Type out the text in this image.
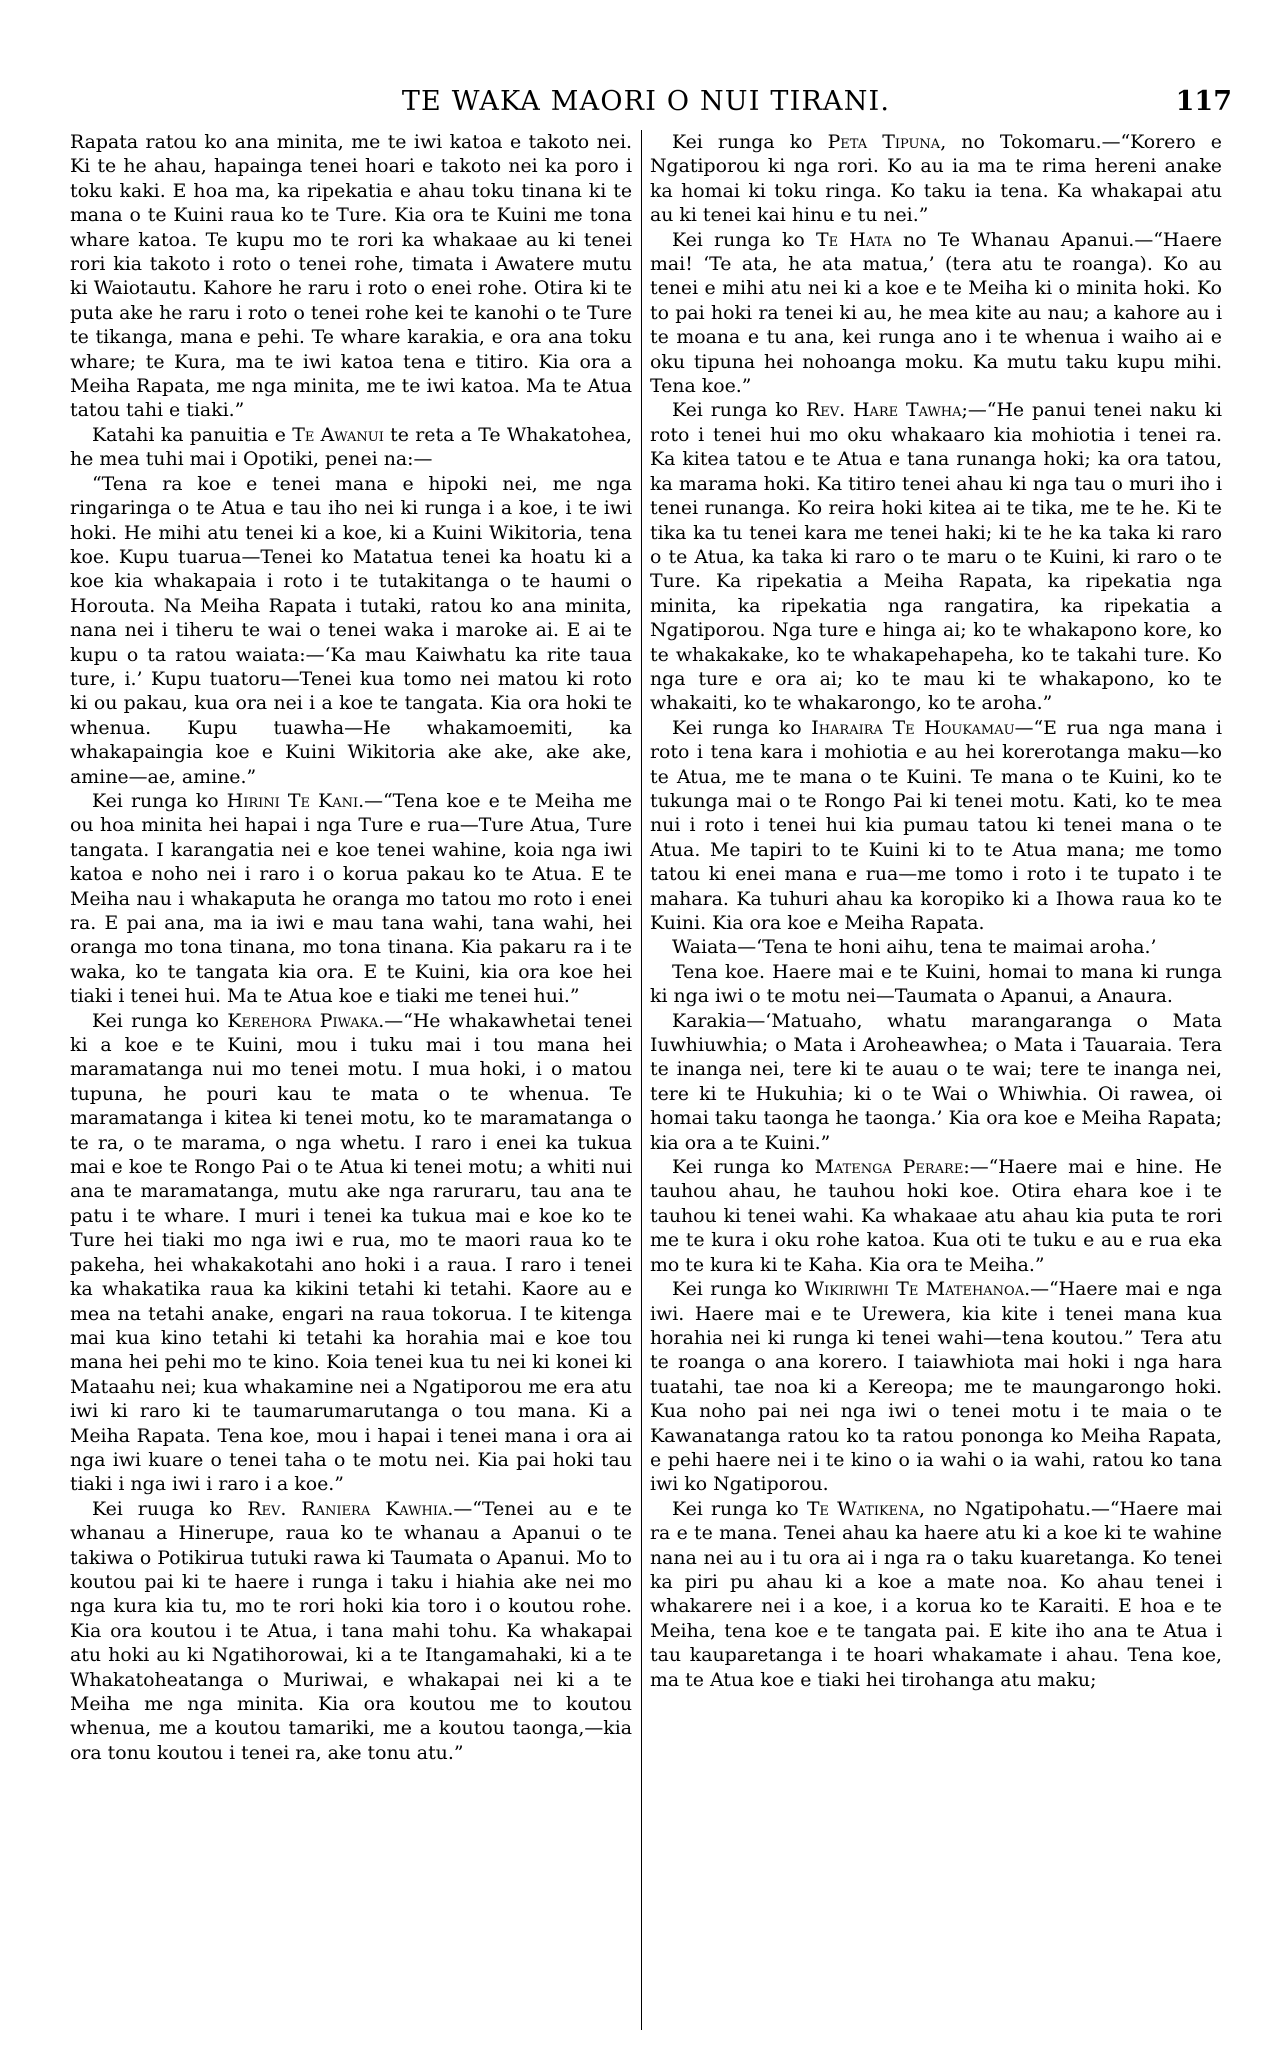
TE WAKA MAORI O NUI TIRANI.	117

Rapata ratou ko ana minita, me te iwi katoa e takoto nei. Ki te he ahau, hapainga tenei hoari e takoto nei ka poro i toku kaki. E hoa ma, ka ripekatia e ahau toku tinana ki te mana o te Kuini raua ko te Ture. Kia ora te Kuini me tona whare katoa. Te kupu mo te rori ka whakaae au ki tenei rori kia takoto i roto o tenei rohe, timata i Awatere mutu ki Waiotautu. Kahore he raru i roto o enei rohe. Otira ki te puta ake he raru i roto o tenei rohe kei te kanohi o te Ture te tikanga, mana e pehi. Te whare karakia, e ora ana toku whare; te Kura, ma te iwi katoa tena e titiro. Kia ora a Meiha Rapata, me nga minita, me te iwi katoa. Ma te Atua tatou tahi e tiaki.”

Katahi ka panuitia e Te Awanui te reta a Te Whakatohea, he mea tuhi mai i Opotiki, penei na:—

“Tena ra koe e tenei mana e hipoki nei, me nga ringaringa o te Atua e tau iho nei ki runga i a koe, i te iwi hoki. He mihi atu tenei ki a koe, ki a Kuini Wikitoria, tena koe. Kupu tuarua—Tenei ko Matatua tenei ka hoatu ki a koe kia whakapaia i roto i te tutakitanga o te haumi o Horouta. Na Meiha Rapata i tutaki, ratou ko ana minita, nana nei i tiheru te wai o tenei waka i maroke ai. E ai te kupu o ta ratou waiata:—‘Ka mau Kaiwhatu ka rite taua ture, i.’ Kupu tuatoru—Tenei kua tomo nei matou ki roto ki ou pakau, kua ora nei i a koe te tangata. Kia ora hoki te whenua. Kupu tuawha—He whakamoemiti, ka whakapaingia koe e Kuini Wikitoria ake ake, ake ake, amine—ae, amine.”

Kei runga ko Hirini Te Kani.—“Tena koe e te Meiha me ou hoa minita hei hapai i nga Ture e rua—Ture Atua, Ture tangata. I karangatia nei e koe tenei wahine, koia nga iwi katoa e noho nei i raro i o korua pakau ko te Atua. E te Meiha nau i whakaputa he oranga mo tatou mo roto i enei ra. E pai ana, ma ia iwi e mau tana wahi, tana wahi, hei oranga mo tona tinana, mo tona tinana. Kia pakaru ra i te waka, ko te tangata kia ora. E te Kuini, kia ora koe hei tiaki i tenei hui. Ma te Atua koe e tiaki me tenei hui.”

Kei runga ko Kerehora Piwaka.—“He whakawhetai tenei ki a koe e te Kuini, mou i tuku mai i tou mana hei maramatanga nui mo tenei motu. I mua hoki, i o matou tupuna, he pouri kau te mata o te whenua. Te maramatanga i kitea ki tenei motu, ko te maramatanga o te ra, o te marama, o nga whetu. I raro i enei ka tukua mai e koe te Rongo Pai o te Atua ki tenei motu; a whiti nui ana te maramatanga, mutu ake nga raruraru, tau ana te patu i te whare. I muri i tenei ka tukua mai e koe ko te Ture hei tiaki mo nga iwi e rua, mo te maori raua ko te pakeha, hei whakakotahi ano hoki i a raua. I raro i tenei ka whakatika raua ka kikini tetahi ki tetahi. Kaore au e mea na tetahi anake, engari na raua tokorua. I te kitenga mai kua kino tetahi ki tetahi ka horahia mai e koe tou mana hei pehi mo te kino. Koia tenei kua tu nei ki konei ki Mataahu nei; kua whakamine nei a Ngatiporou me era atu iwi ki raro ki te taumarumarutanga o tou mana. Ki a Meiha Rapata. Tena koe, mou i hapai i tenei mana i ora ai nga iwi kuare o tenei taha o te motu nei. Kia pai hoki tau tiaki i nga iwi i raro i a koe.”

Kei ruuga ko Rev. Raniera Kawhia.—“Tenei au e te whanau a Hinerupe, raua ko te whanau a Apanui o te takiwa o Potikirua tutuki rawa ki Taumata o Apanui. Mo to koutou pai ki te haere i runga i taku i hiahia ake nei mo nga kura kia tu, mo te rori hoki kia toro i o koutou rohe. Kia ora koutou i te Atua, i tana mahi tohu. Ka whakapai atu hoki au ki Ngatihorowai, ki a te Itangamahaki, ki a te Whakatoheatanga o Muriwai, e whakapai nei ki a te Meiha me nga minita. Kia ora koutou me to koutou whenua, me a koutou tamariki, me a koutou taonga,—kia ora tonu koutou i tenei ra, ake tonu atu.”

Kei runga ko Peta Tipuna, no Tokomaru.—“Korero e Ngatiporou ki nga rori. Ko au ia ma te rima hereni anake ka homai ki toku ringa. Ko taku ia tena. Ka whakapai atu au ki tenei kai hinu e tu nei.”

Kei runga ko Te Hata no Te Whanau Apanui.—“Haere mai! ‘Te ata, he ata matua,’ (tera atu te roanga). Ko au tenei e mihi atu nei ki a koe e te Meiha ki o minita hoki. Ko to pai hoki ra tenei ki au, he mea kite au nau; a kahore au i te moana e tu ana, kei runga ano i te whenua i waiho ai e oku tipuna hei nohoanga moku. Ka mutu taku kupu mihi. Tena koe.”

Kei runga ko Rev. Hare Tawha;—“He panui tenei naku ki roto i tenei hui mo oku whakaaro kia mohiotia i tenei ra. Ka kitea tatou e te Atua e tana runanga hoki; ka ora tatou, ka marama hoki. Ka titiro tenei ahau ki nga tau o muri iho i tenei runanga. Ko reira hoki kitea ai te tika, me te he. Ki te tika ka tu tenei kara me tenei haki; ki te he ka taka ki raro o te Atua, ka taka ki raro o te maru o te Kuini, ki raro o te Ture. Ka ripekatia a Meiha Rapata, ka ripekatia nga minita, ka ripekatia nga rangatira, ka ripekatia a Ngatiporou. Nga ture e hinga ai; ko te whakapono kore, ko te whakakake, ko te whakapehapeha, ko te takahi ture. Ko nga ture e ora ai; ko te mau ki te whakapono, ko te whakaiti, ko te whakarongo, ko te aroha.”

Kei runga ko Iharaira Te Houkamau—“E rua nga mana i roto i tena kara i mohiotia e au hei korerotanga maku—ko te Atua, me te mana o te Kuini. Te mana o te Kuini, ko te tukunga mai o te Rongo Pai ki tenei motu. Kati, ko te mea nui i roto i tenei hui kia pumau tatou ki tenei mana o te Atua. Me tapiri to te Kuini ki to te Atua mana; me tomo tatou ki enei mana e rua—me tomo i roto i te tupato i te mahara. Ka tuhuri ahau ka koropiko ki a Ihowa raua ko te Kuini. Kia ora koe e Meiha Rapata.

Waiata—‘Tena te honi aihu, tena te maimai aroha.’

Tena koe. Haere mai e te Kuini, homai to mana ki runga ki nga iwi o te motu nei—Taumata o Apanui, a Anaura.

Karakia—‘Matuaho, whatu marangaranga o Mata Iuwhiuwhia; o Mata i Aroheawhea; o Mata i Tauaraia. Tera te inanga nei, tere ki te auau o te wai; tere te inanga nei, tere ki te Hukuhia; ki o te Wai o Whiwhia. Oi rawea, oi homai taku taonga he taonga.’ Kia ora koe e Meiha Rapata; kia ora a te Kuini.”

Kei runga ko Matenga Perare:—“Haere mai e hine. He tauhou ahau, he tauhou hoki koe. Otira ehara koe i te tauhou ki tenei wahi. Ka whakaae atu ahau kia puta te rori me te kura i oku rohe katoa. Kua oti te tuku e au e rua eka mo te kura ki te Kaha. Kia ora te Meiha.”

Kei runga ko Wikiriwhi Te Matehanoa.—“Haere mai e nga iwi. Haere mai e te Urewera, kia kite i tenei mana kua horahia nei ki runga ki tenei wahi—tena koutou.” Tera atu te roanga o ana korero. I taiawhiota mai hoki i nga hara tuatahi, tae noa ki a Kereopa; me te maungarongo hoki. Kua noho pai nei nga iwi o tenei motu i te maia o te Kawanatanga ratou ko ta ratou pononga ko Meiha Rapata, e pehi haere nei i te kino o ia wahi o ia wahi, ratou ko tana iwi ko Ngatiporou.

Kei runga ko Te Watikena, no Ngatipohatu.—“Haere mai ra e te mana. Tenei ahau ka haere atu ki a koe ki te wahine nana nei au i tu ora ai i nga ra o taku kuaretanga. Ko tenei ka piri pu ahau ki a koe a mate noa. Ko ahau tenei i whakarere nei i a koe, i a korua ko te Karaiti. E hoa e te Meiha, tena koe e te tangata pai. E kite iho ana te Atua i tau kauparetanga i te hoari whakamate i ahau. Tena koe, ma te Atua koe e tiaki hei tirohanga atu maku;
